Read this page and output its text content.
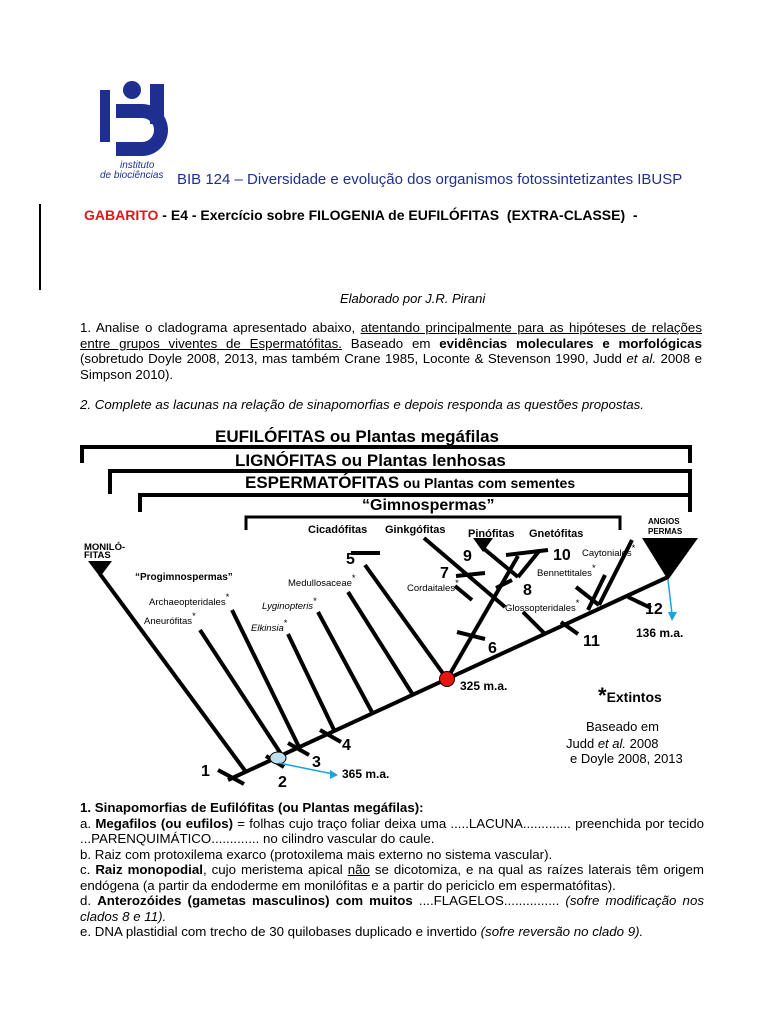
instituto
de biociências BIB 124 – Diversidade e evolução dos organismos fotossintetizantes IBUSP
GABARITO - E4 - Exercício sobre FILOGENIA de EUFILÓFITAS  (EXTRA-CLASSE)  -
Elaborado por J.R. Pirani
1. Analise o cladograma apresentado abaixo, atentando principalmente para as hipóteses de relações entre grupos viventes de Espermatófitas. Baseado em evidências moleculares e morfológicas (sobretudo Doyle 2008, 2013, mas também Crane 1985, Loconte & Stevenson 1990, Judd et al. 2008 e Simpson 2010).
2. Complete as lacunas na relação de sinapomorfias e depois responda as questões propostas.
EUFILÓFITAS ou Plantas megáfilas
LIGNÓFITAS ou Plantas lenhosas
ESPERMATÓFITAS ou Plantas com sementes
“Gimnospermas”
MONILÓ-
FITAS
ANGIOS
PERMAS
“Progimnospermas”
Archaeopteridales*
Aneurófitas*
Medullosaceae*
Lyginopteris*
Elkinsia*
Cordaitales*
Glossopteridales*
Caytoniales*
Bennettitales*
Cicadófitas Ginkgófitas Pinófitas Gnetófitas
1
2
3
4
5
6
7
8
9	10
11
12
325 m.a.
365 m.a.
136 m.a.
*Extintos
Baseado em
Judd et al. 2008
e Doyle 2008, 2013
1. Sinapomorfias de Eufilófitas (ou Plantas megáfilas):
a. Megafilos (ou eufilos) = folhas cujo traço foliar deixa uma .....LACUNA............. preenchida por tecido ...PARENQUIMÁTICO............. no cilindro vascular do caule.
b. Raiz com protoxilema exarco (protoxilema mais externo no sistema vascular).
c. Raiz monopodial, cujo meristema apical não se dicotomiza, e na qual as raízes laterais têm origem endógena (a partir da endoderme em monilófitas e a partir do periciclo em espermatófitas).
d. Anterozóides (gametas masculinos) com muitos ....FLAGELOS............... (sofre modificação nos clados 8 e 11).
e. DNA plastidial com trecho de 30 quilobases duplicado e invertido (sofre reversão no clado 9).
